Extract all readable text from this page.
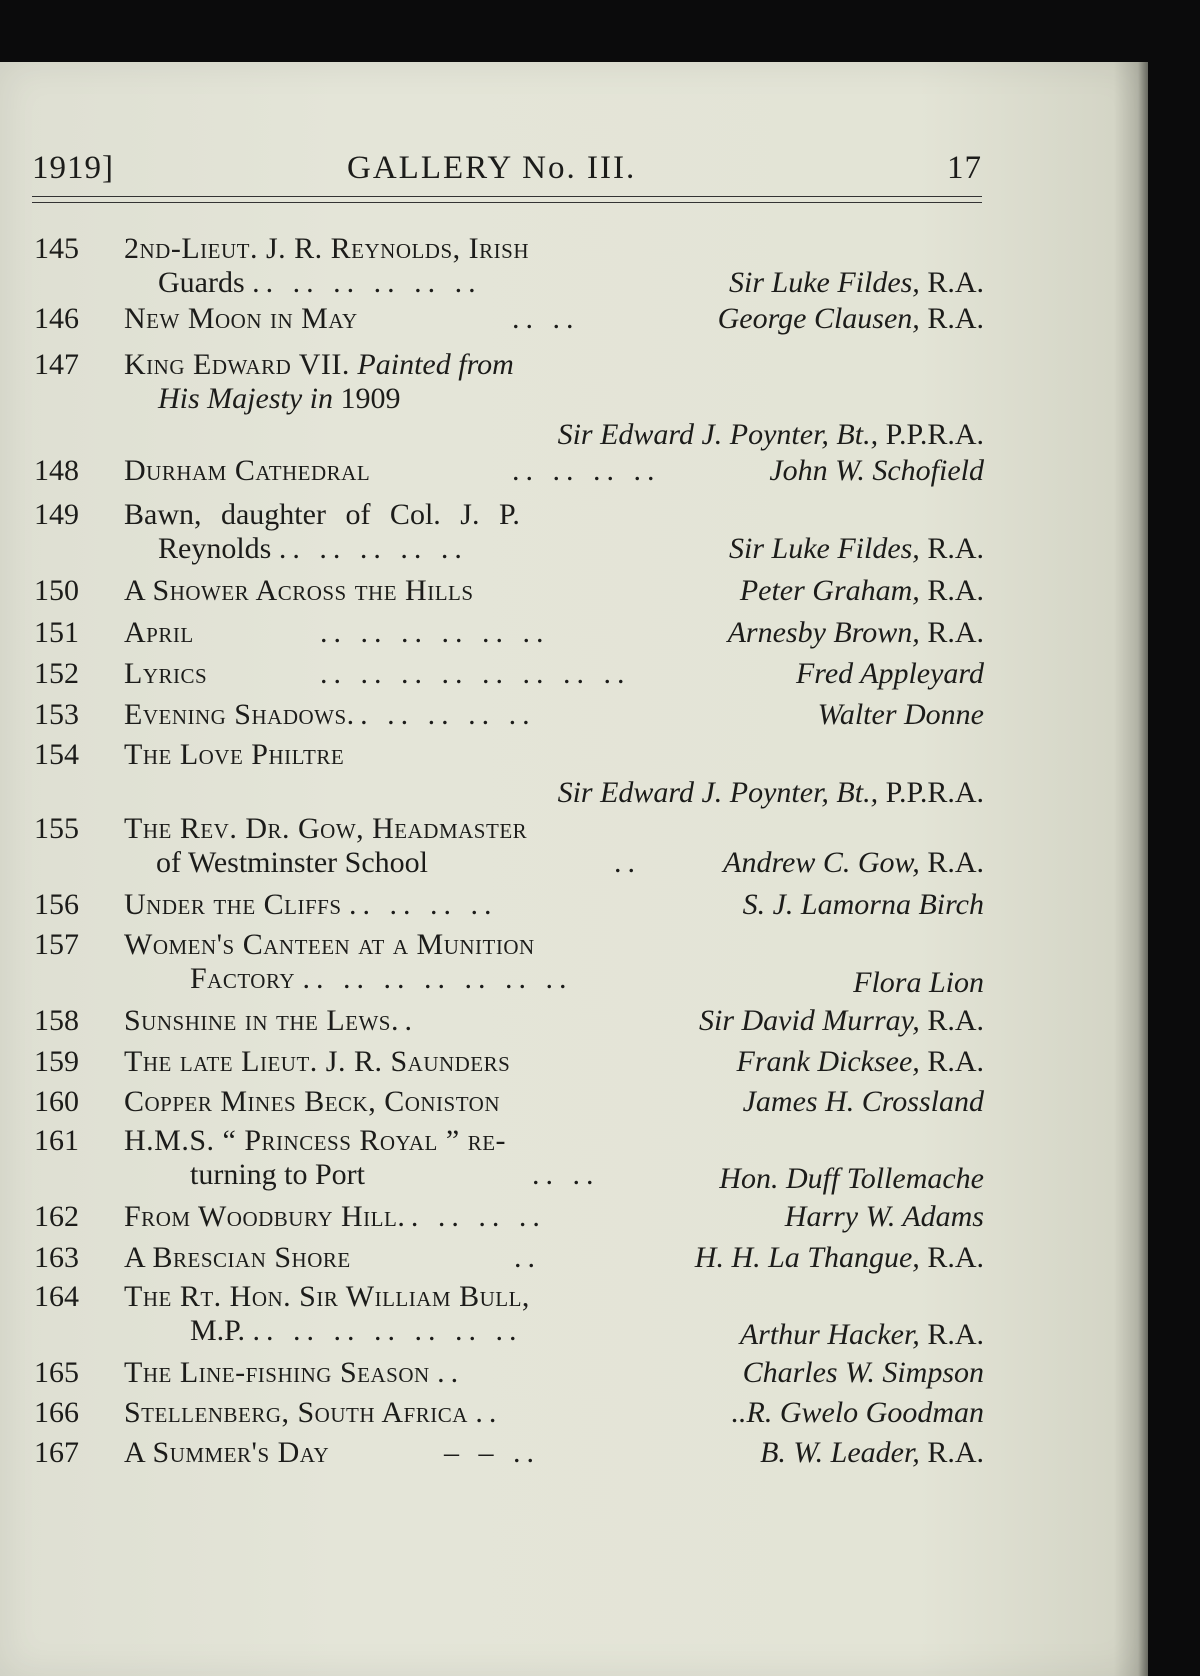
1919]	GALLERY No. III.	17
145	2nd-Lieut. J. R. Reynolds, Irish
Guards .. .. .. .. .. ..	Sir Luke Fildes, R.A.
146	New Moon in May	.. ..	George Clausen, R.A.
147	King Edward VII. Painted from
His Majesty in 1909
Sir Edward J. Poynter, Bt., P.P.R.A.
148	Durham Cathedral	.. .. .. ..	John W. Schofield
149	Bawn, daughter of Col. J. P.
Reynolds .. .. .. .. ..	Sir Luke Fildes, R.A.
150	A Shower Across the Hills	Peter Graham, R.A.
151	April	.. .. .. .. .. ..	Arnesby Brown, R.A.
152	Lyrics	.. .. .. .. .. .. .. ..	Fred Appleyard
153	Evening Shadows.. .. .. .. ..	Walter Donne
154	The Love Philtre
Sir Edward J. Poynter, Bt., P.P.R.A.
155	The Rev. Dr. Gow, Headmaster
of Westminster School	..	Andrew C. Gow, R.A.
156	Under the Cliffs .. .. .. ..	S. J. Lamorna Birch
157	Women's Canteen at a Munition
Factory .. .. .. .. .. .. ..	Flora Lion
158	Sunshine in the Lews..	Sir David Murray, R.A.
159	The late Lieut. J. R. Saunders	Frank Dicksee, R.A.
160	Copper Mines Beck, Coniston	James H. Crossland
161	H.M.S. “ Princess Royal ” re-
turning to Port	.. ..	Hon. Duff Tollemache
162	From Woodbury Hill.. .. .. ..	Harry W. Adams
163	A Brescian Shore	..	H. H. La Thangue, R.A.
164	The Rt. Hon. Sir William Bull,
M.P. .. .. .. .. .. .. ..	Arthur Hacker, R.A.
165	The Line-fishing Season ..	Charles W. Simpson
166	Stellenberg, South Africa ..	..R. Gwelo Goodman
167	A Summer's Day	– – ..	B. W. Leader, R.A.
